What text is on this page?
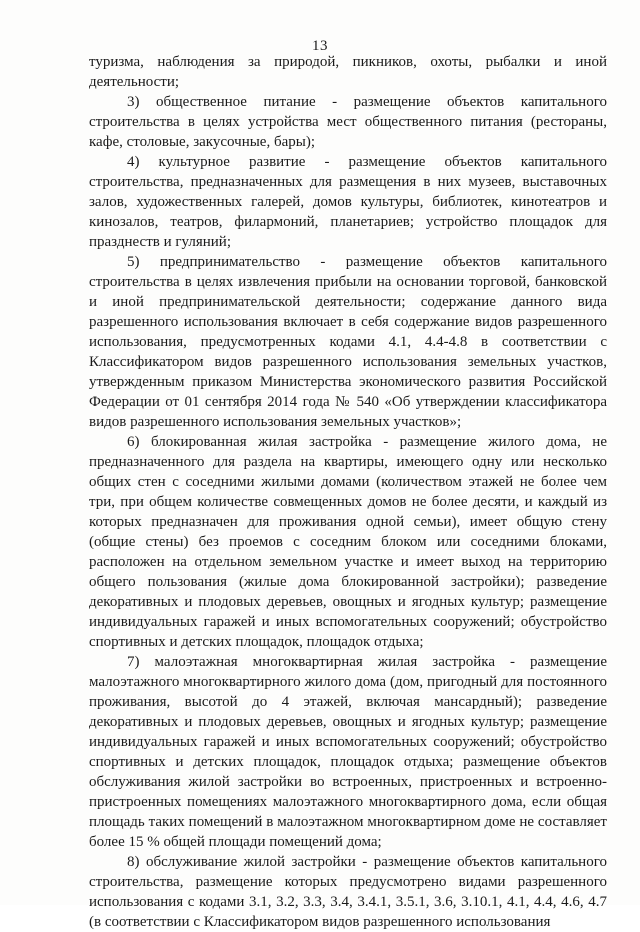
13

туризма, наблюдения за природой, пикников, охоты, рыбалки и иной деятельности;

3) общественное питание - размещение объектов капитального строительства в целях устройства мест общественного питания (рестораны, кафе, столовые, закусочные, бары);

4) культурное развитие - размещение объектов капитального строительства, предназначенных для размещения в них музеев, выставочных залов, художественных галерей, домов культуры, библиотек, кинотеатров и кинозалов, театров, филармоний, планетариев; устройство площадок для празднеств и гуляний;

5) предпринимательство - размещение объектов капитального строительства в целях извлечения прибыли на основании торговой, банковской и иной предпринимательской деятельности; содержание данного вида разрешенного использования включает в себя содержание видов разрешенного использования, предусмотренных кодами 4.1, 4.4-4.8 в соответствии с Классификатором видов разрешенного использования земельных участков, утвержденным приказом Министерства экономического развития Российской Федерации от 01 сентября 2014 года № 540 «Об утверждении классификатора видов разрешенного использования земельных участков»;

6) блокированная жилая застройка - размещение жилого дома, не предназначенного для раздела на квартиры, имеющего одну или несколько общих стен с соседними жилыми домами (количеством этажей не более чем три, при общем количестве совмещенных домов не более десяти, и каждый из которых предназначен для проживания одной семьи), имеет общую стену (общие стены) без проемов с соседним блоком или соседними блоками, расположен на отдельном земельном участке и имеет выход на территорию общего пользования (жилые дома блокированной застройки); разведение декоративных и плодовых деревьев, овощных и ягодных культур; размещение индивидуальных гаражей и иных вспомогательных сооружений; обустройство спортивных и детских площадок, площадок отдыха;

7) малоэтажная многоквартирная жилая застройка - размещение малоэтажного многоквартирного жилого дома (дом, пригодный для постоянного проживания, высотой до 4 этажей, включая мансардный); разведение декоративных и плодовых деревьев, овощных и ягодных культур; размещение индивидуальных гаражей и иных вспомогательных сооружений; обустройство спортивных и детских площадок, площадок отдыха; размещение объектов обслуживания жилой застройки во встроенных, пристроенных и встроенно-пристроенных помещениях малоэтажного многоквартирного дома, если общая площадь таких помещений в малоэтажном многоквартирном доме не составляет более 15 % общей площади помещений дома;

8) обслуживание жилой застройки - размещение объектов капитального строительства, размещение которых предусмотрено видами разрешенного использования с кодами 3.1, 3.2, 3.3, 3.4, 3.4.1, 3.5.1, 3.6, 3.10.1, 4.1, 4.4, 4.6, 4.7 (в соответствии с Классификатором видов разрешенного использования
